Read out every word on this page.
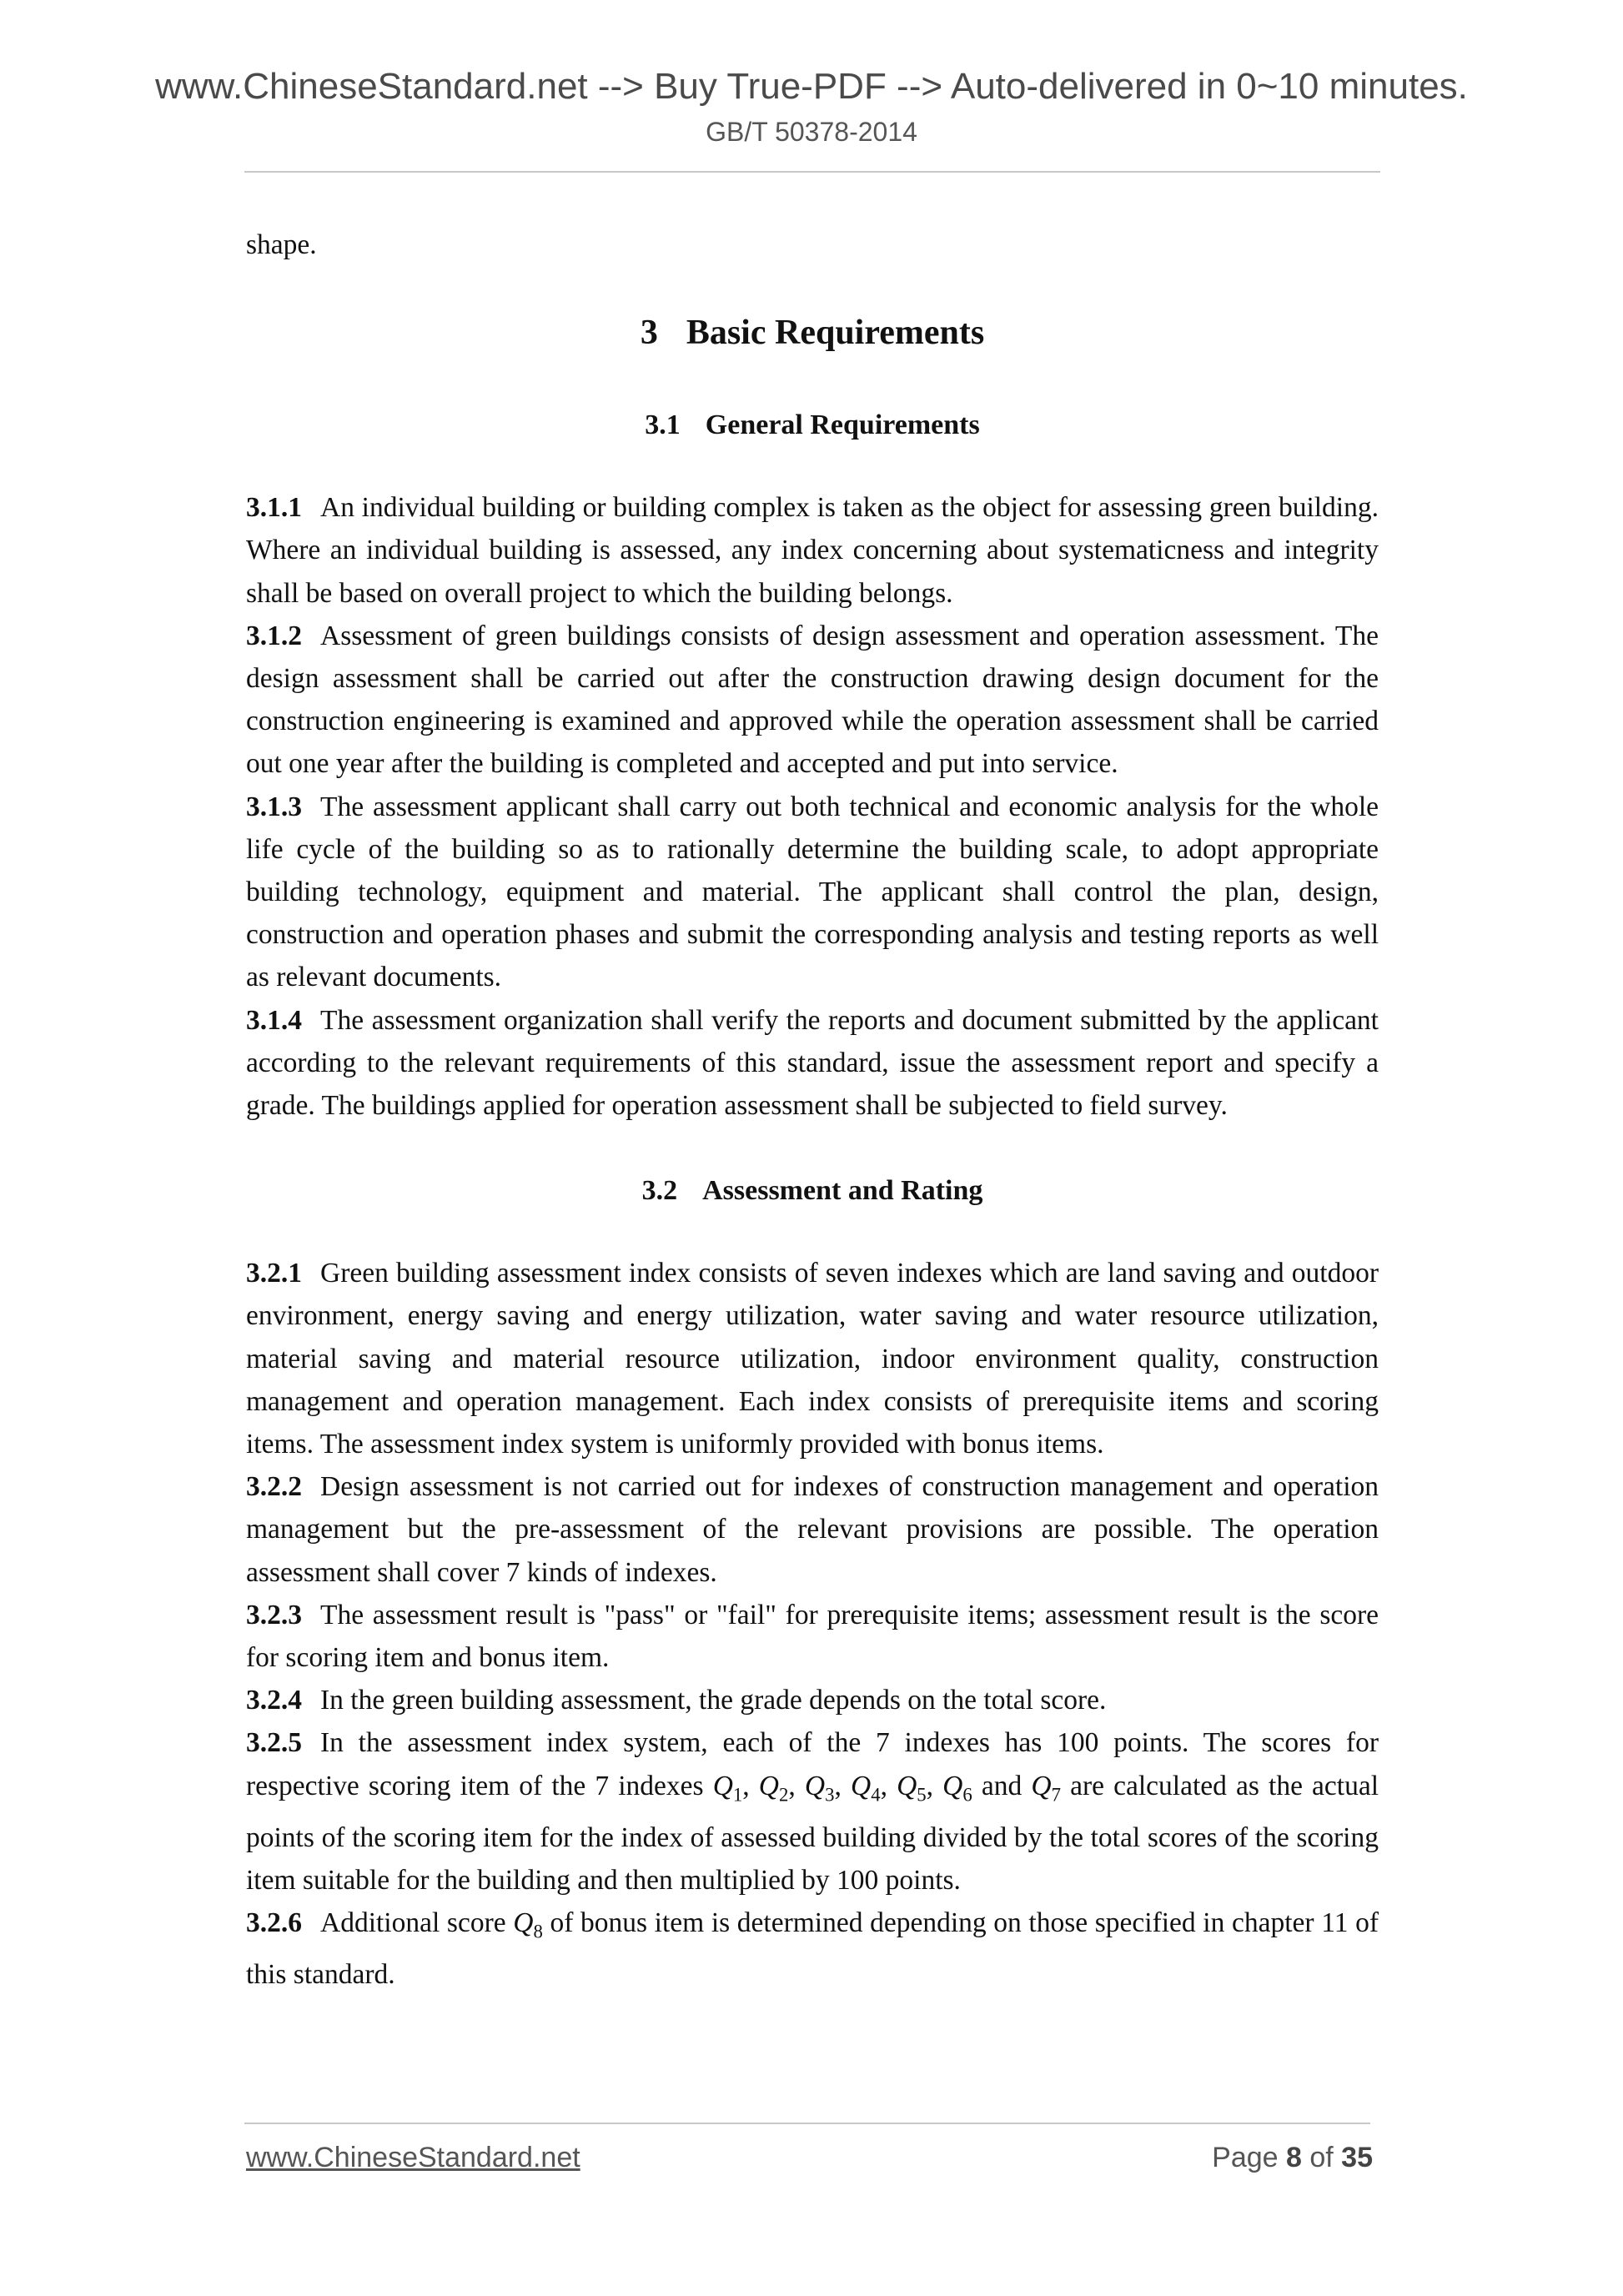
www.ChineseStandard.net --> Buy True-PDF --> Auto-delivered in 0~10 minutes.
GB/T 50378-2014

shape.

3 Basic Requirements
3.1 General Requirements

3.1.1 An individual building or building complex is taken as the object for assessing green building. Where an individual building is assessed, any index concerning about systematicness and integrity shall be based on overall project to which the building belongs.

3.1.2 Assessment of green buildings consists of design assessment and operation assessment. The design assessment shall be carried out after the construction drawing design document for the construction engineering is examined and approved while the operation assessment shall be carried out one year after the building is completed and accepted and put into service.

3.1.3 The assessment applicant shall carry out both technical and economic analysis for the whole life cycle of the building so as to rationally determine the building scale, to adopt appropriate building technology, equipment and material. The applicant shall control the plan, design, construction and operation phases and submit the corresponding analysis and testing reports as well as relevant documents.

3.1.4 The assessment organization shall verify the reports and document submitted by the applicant according to the relevant requirements of this standard, issue the assessment report and specify a grade. The buildings applied for operation assessment shall be subjected to field survey.

3.2 Assessment and Rating

3.2.1 Green building assessment index consists of seven indexes which are land saving and outdoor environment, energy saving and energy utilization, water saving and water resource utilization, material saving and material resource utilization, indoor environment quality, construction management and operation management. Each index consists of prerequisite items and scoring items. The assessment index system is uniformly provided with bonus items.

3.2.2 Design assessment is not carried out for indexes of construction management and operation management but the pre-assessment of the relevant provisions are possible. The operation assessment shall cover 7 kinds of indexes.

3.2.3 The assessment result is "pass" or "fail" for prerequisite items; assessment result is the score for scoring item and bonus item.

3.2.4 In the green building assessment, the grade depends on the total score.

3.2.5 In the assessment index system, each of the 7 indexes has 100 points. The scores for respective scoring item of the 7 indexes $Q_1$, $Q_2$, $Q_3$, $Q_4$, $Q_5$, $Q_6$ and $Q_7$ are calculated as the actual points of the scoring item for the index of assessed building divided by the total scores of the scoring item suitable for the building and then multiplied by 100 points.

3.2.6 Additional score $Q_8$ of bonus item is determined depending on those specified in chapter 11 of this standard.

www.ChineseStandard.net	Page 8 of 35
